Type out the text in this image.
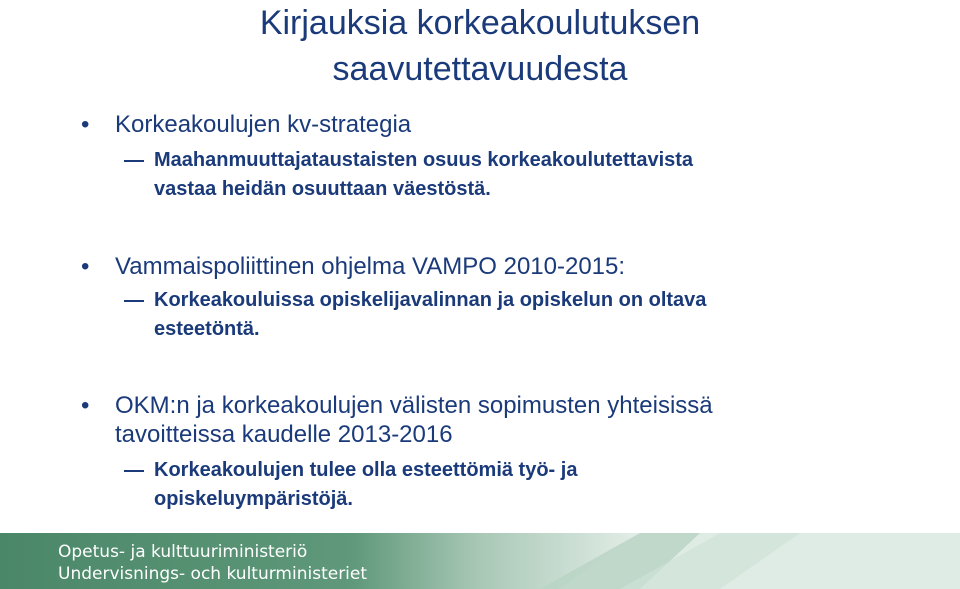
Kirjauksia korkeakoulutuksen
saavutettavuudesta
• Korkeakoulujen kv-strategia
Maahanmuuttajataustaisten osuus korkeakoulutettavista
vastaa heidän osuuttaan väestöstä.
• Vammaispoliittinen ohjelma VAMPO 2010-2015:
Korkeakouluissa opiskelijavalinnan ja opiskelun on oltava
esteetöntä.
• OKM:n ja korkeakoulujen välisten sopimusten yhteisissä
tavoitteissa kaudelle 2013-2016
Korkeakoulujen tulee olla esteettömiä työ- ja
opiskeluympäristöjä.
Opetus- ja kulttuuriministeriö
Undervisnings- och kulturministeriet
